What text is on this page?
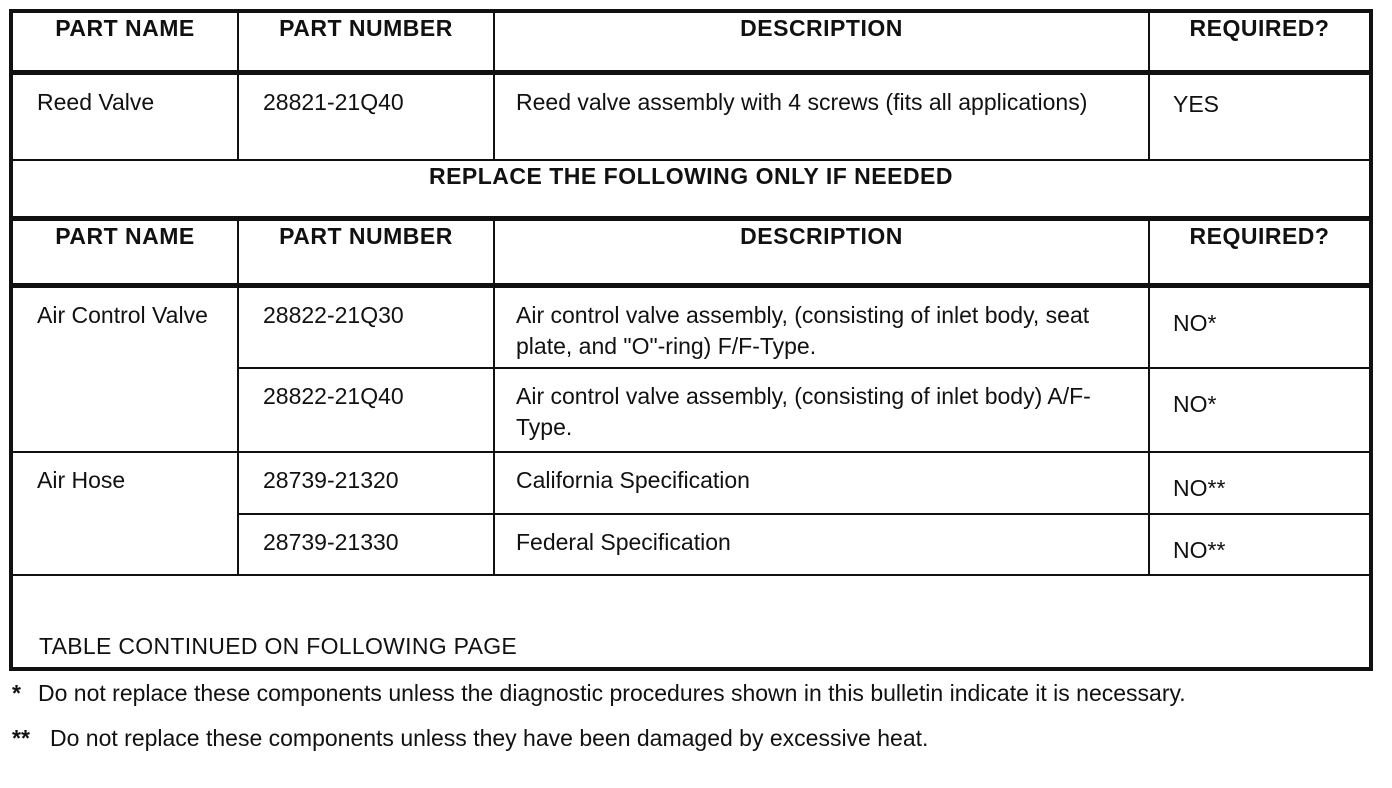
PART NAME	PART NUMBER	DESCRIPTION	REQUIRED?

Reed Valve	28821-21Q40	Reed valve assembly with 4 screws (fits all applications)	YES

REPLACE THE FOLLOWING ONLY IF NEEDED			
PART NAME	PART NUMBER	DESCRIPTION	REQUIRED?

Air Control Valve	28822-21Q30	Air control valve assembly, (consisting of inlet body, seat plate, and "O"-ring) F/F-Type.	NO*

	28822-21Q40	Air control valve assembly, (consisting of inlet body) A/F-Type.	NO*

Air Hose	28739-21320	California Specification	NO**

	28739-21330	Federal Specification	NO**
TABLE CONTINUED ON FOLLOWING PAGE
* Do not replace these components unless the diagnostic procedures shown in this bulletin indicate it is necessary.
** Do not replace these components unless they have been damaged by excessive heat.
